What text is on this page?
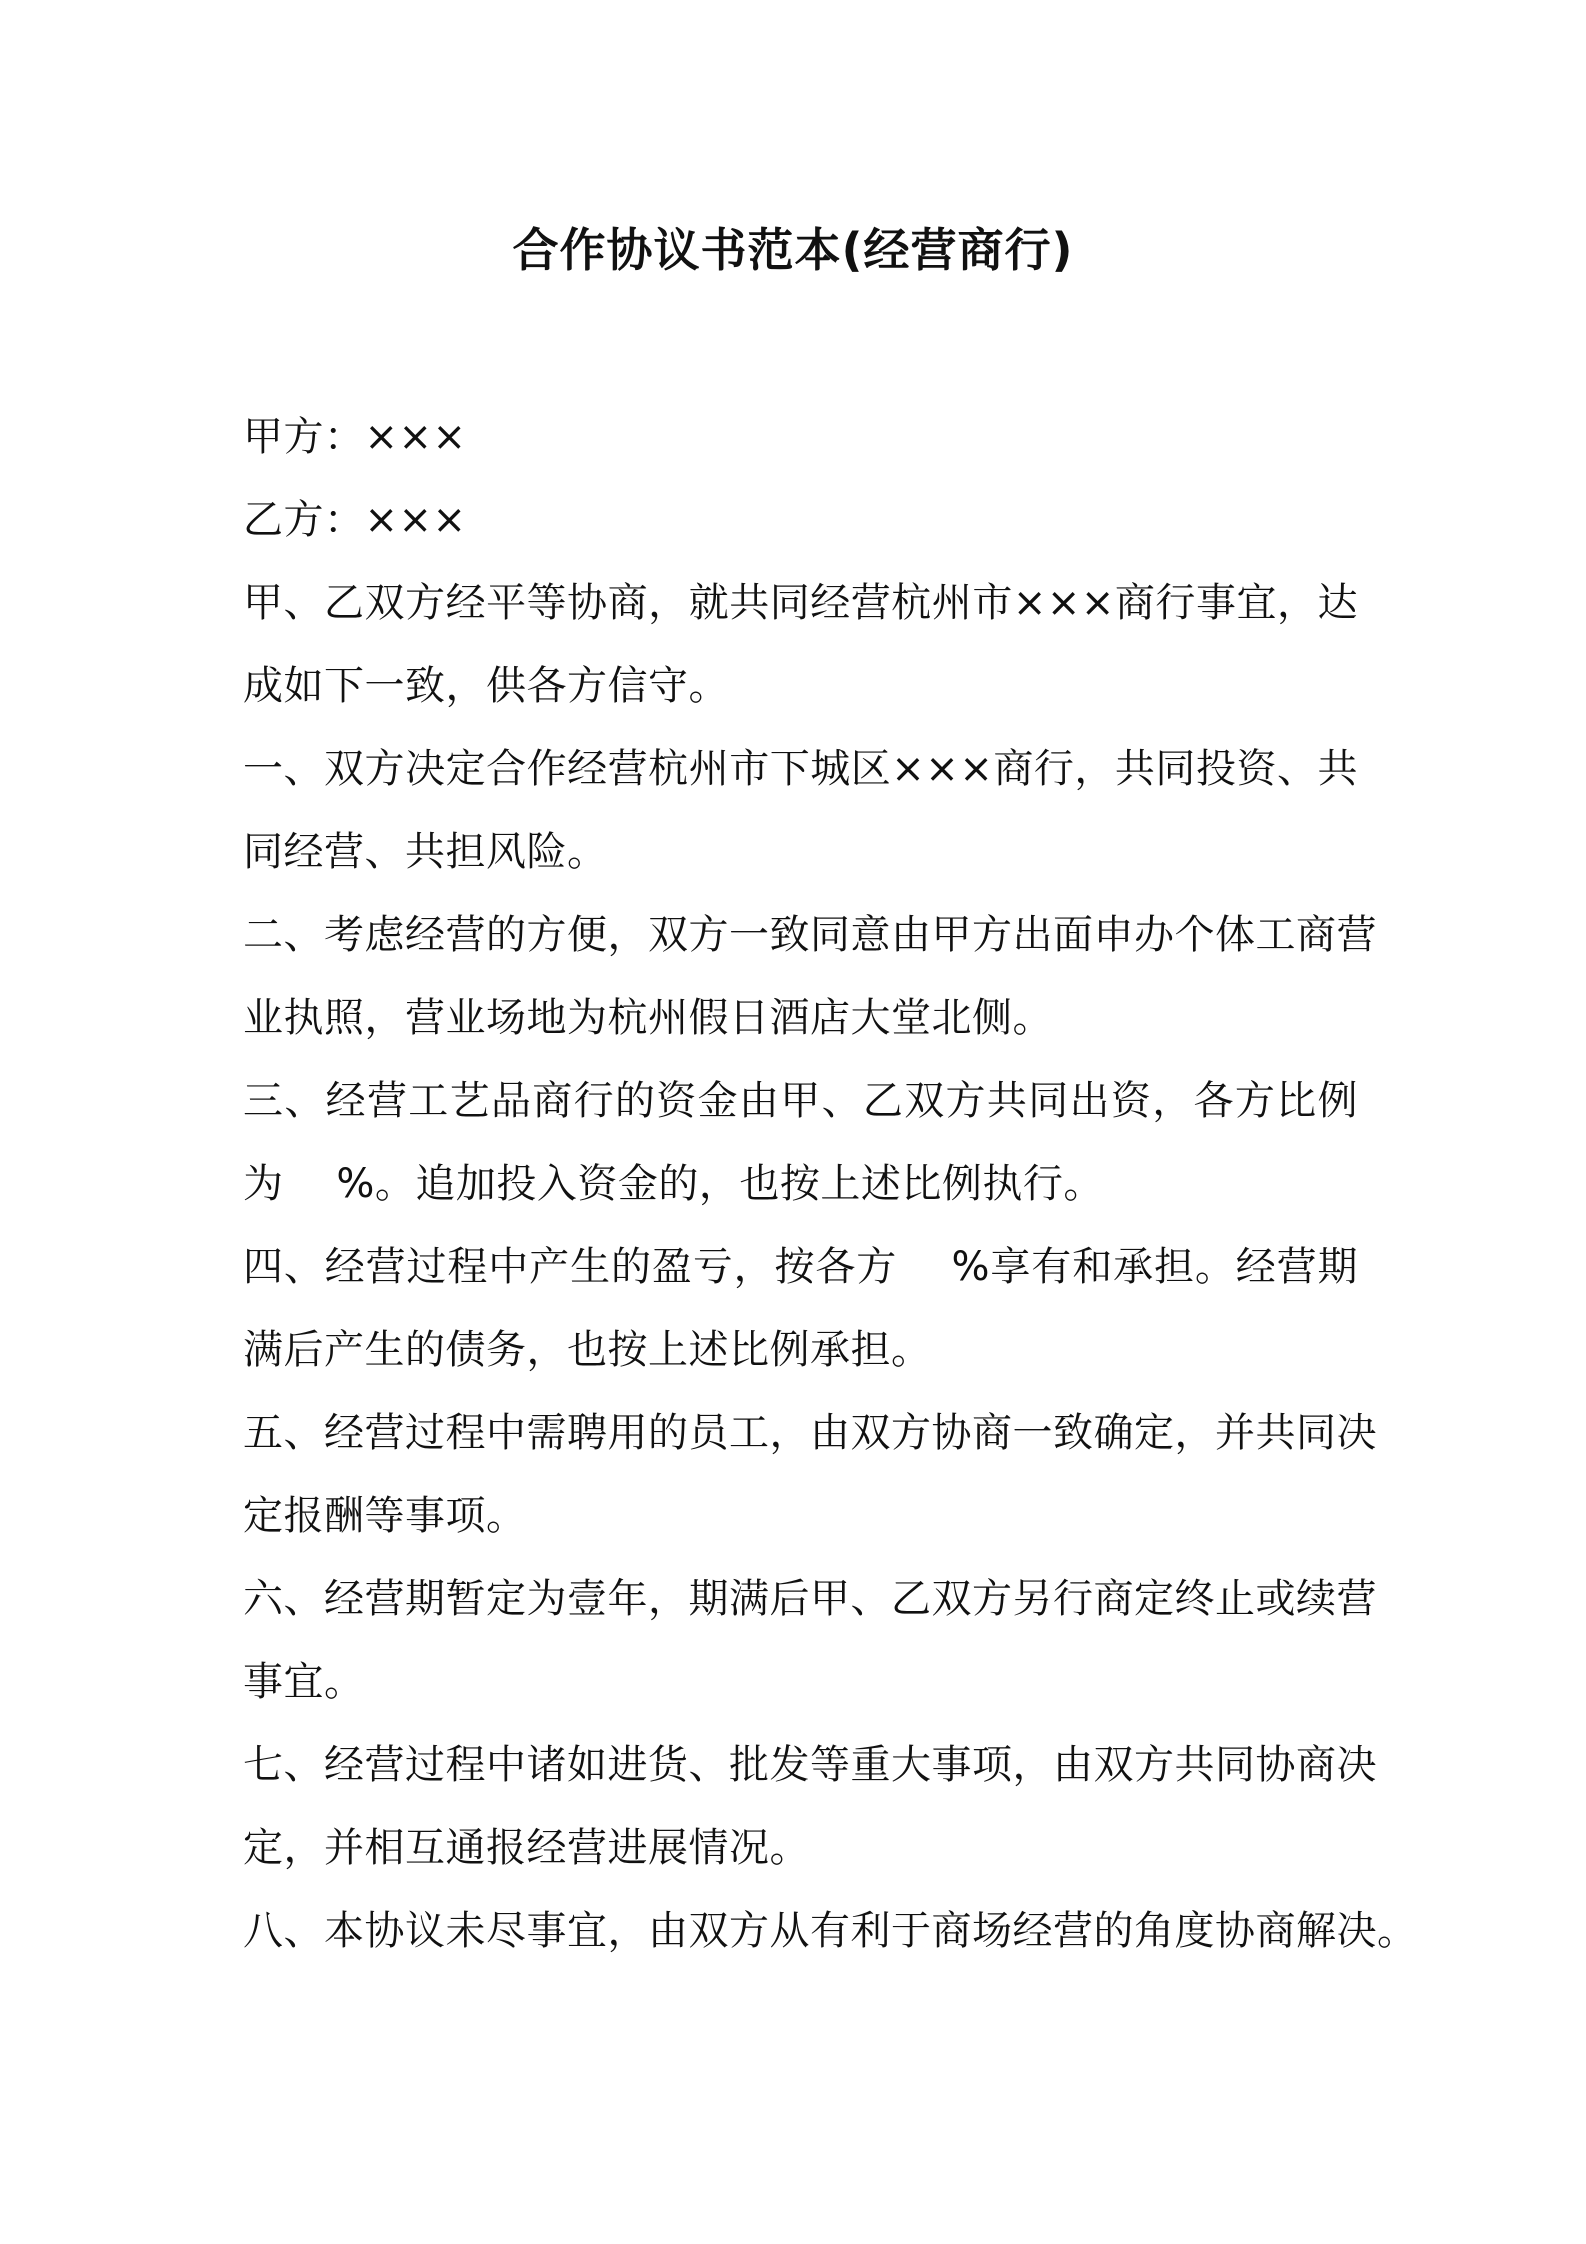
合作协议书范本(经营商行)
甲方：×××
乙方：×××
甲、乙双方经平等协商，就共同经营杭州市×××商行事宜，达
成如下一致，供各方信守。
一、双方决定合作经营杭州市下城区×××商行，共同投资、共
同经营、共担风险。
二、考虑经营的方便，双方一致同意由甲方出面申办个体工商营
业执照，营业场地为杭州假日酒店大堂北侧。
三、经营工艺品商行的资金由甲、乙双方共同出资，各方比例
为    %。追加投入资金的，也按上述比例执行。
四、经营过程中产生的盈亏，按各方    %享有和承担。经营期
满后产生的债务，也按上述比例承担。
五、经营过程中需聘用的员工，由双方协商一致确定，并共同决
定报酬等事项。
六、经营期暂定为壹年，期满后甲、乙双方另行商定终止或续营
事宜。
七、经营过程中诸如进货、批发等重大事项，由双方共同协商决
定，并相互通报经营进展情况。
八、本协议未尽事宜，由双方从有利于商场经营的角度协商解决。
